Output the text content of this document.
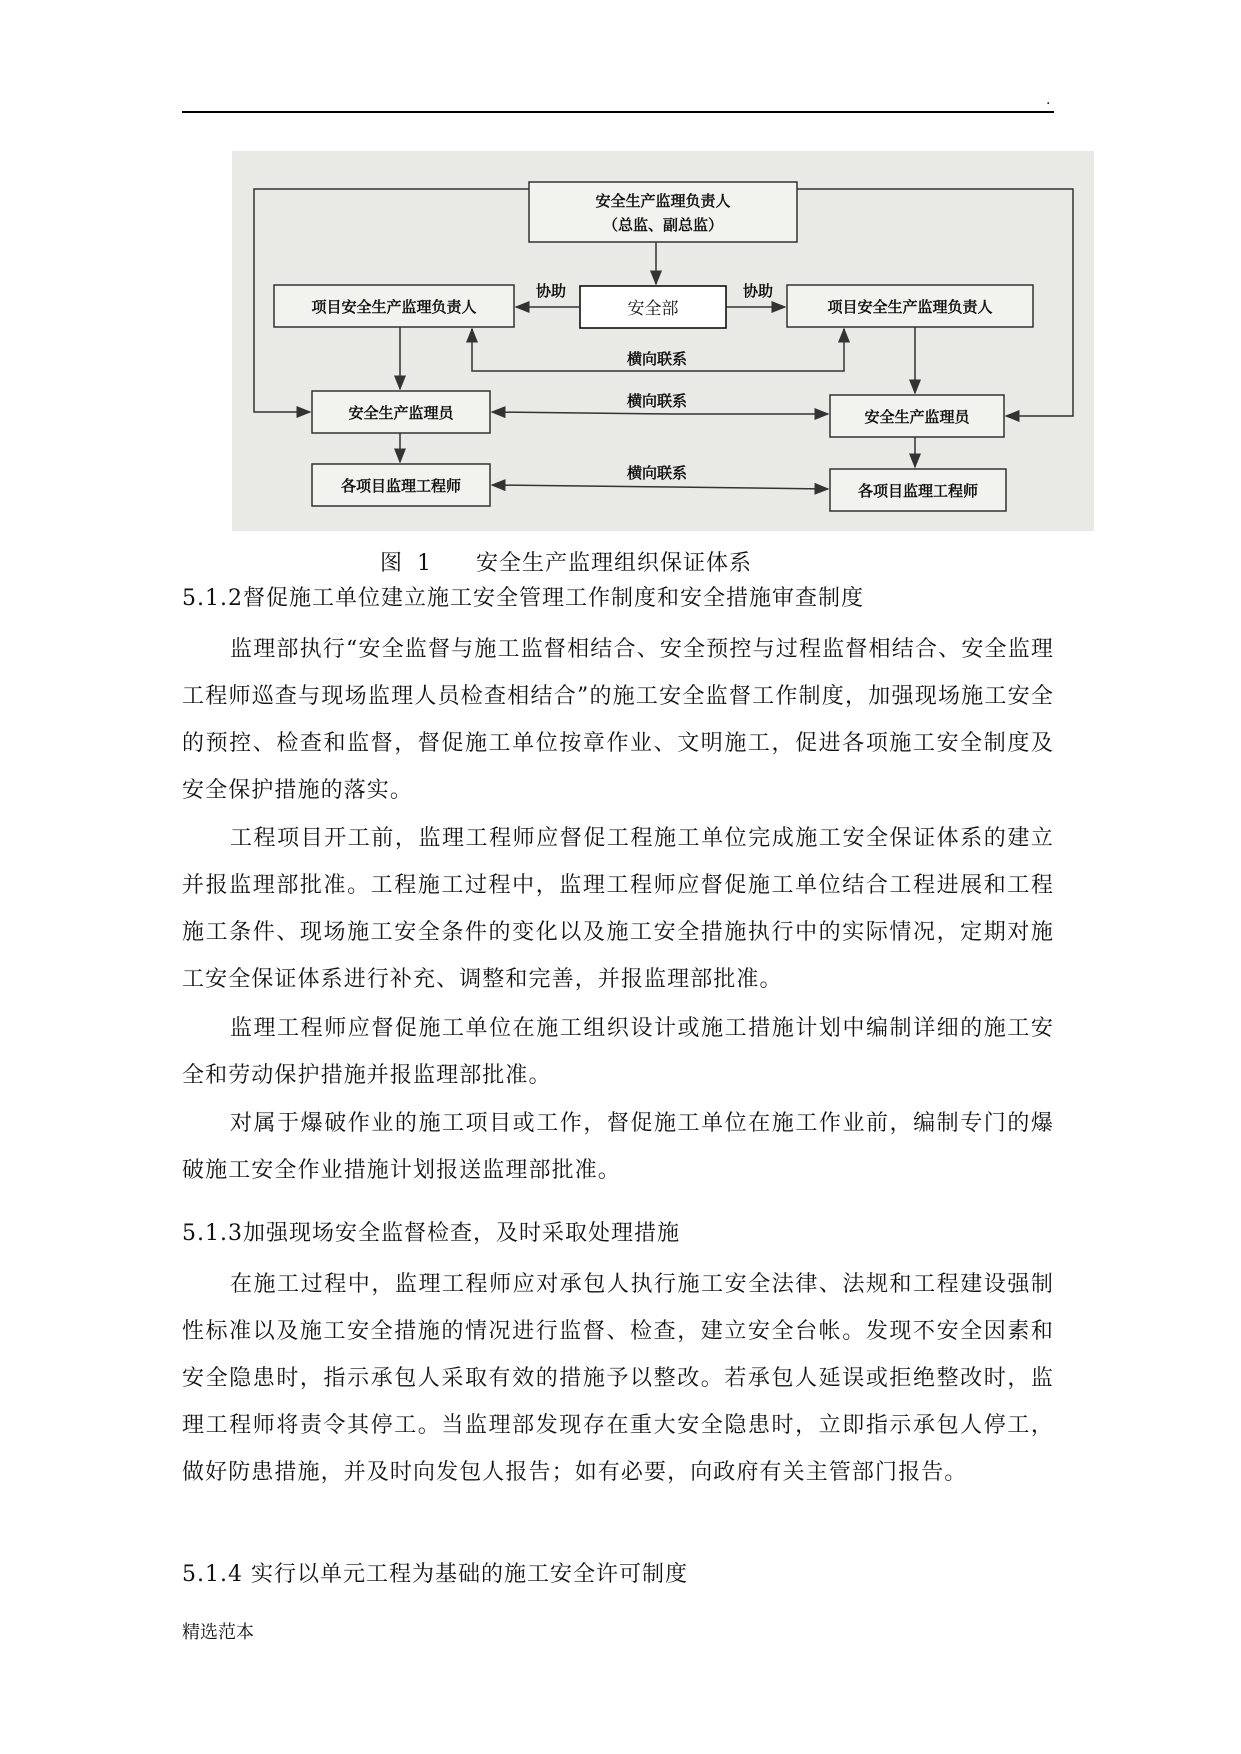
.
安全生产监理负责人
（总监、副总监）
项目安全生产监理负责人	安全部	项目安全生产监理负责人
安全生产监理员	安全生产监理员
各项目监理工程师	各项目监理工程师
协助	协助
横向联系
横向联系
横向联系
图 1 安全生产监理组织保证体系
5.1.2督促施工单位建立施工安全管理工作制度和安全措施审查制度
监理部执行“安全监督与施工监督相结合、安全预控与过程监督相结合、安全监理工程师巡查与现场监理人员检查相结合”的施工安全监督工作制度，加强现场施工安全的预控、检查和监督，督促施工单位按章作业、文明施工，促进各项施工安全制度及安全保护措施的落实。
工程项目开工前，监理工程师应督促工程施工单位完成施工安全保证体系的建立并报监理部批准。工程施工过程中，监理工程师应督促施工单位结合工程进展和工程施工条件、现场施工安全条件的变化以及施工安全措施执行中的实际情况，定期对施工安全保证体系进行补充、调整和完善，并报监理部批准。
监理工程师应督促施工单位在施工组织设计或施工措施计划中编制详细的施工安全和劳动保护措施并报监理部批准。
对属于爆破作业的施工项目或工作，督促施工单位在施工作业前，编制专门的爆破施工安全作业措施计划报送监理部批准。
5.1.3加强现场安全监督检查，及时采取处理措施
在施工过程中，监理工程师应对承包人执行施工安全法律、法规和工程建设强制性标准以及施工安全措施的情况进行监督、检查，建立安全台帐。发现不安全因素和安全隐患时，指示承包人采取有效的措施予以整改。若承包人延误或拒绝整改时，监理工程师将责令其停工。当监理部发现存在重大安全隐患时，立即指示承包人停工，做好防患措施，并及时向发包人报告；如有必要，向政府有关主管部门报告。
5.1.4 实行以单元工程为基础的施工安全许可制度
精选范本
